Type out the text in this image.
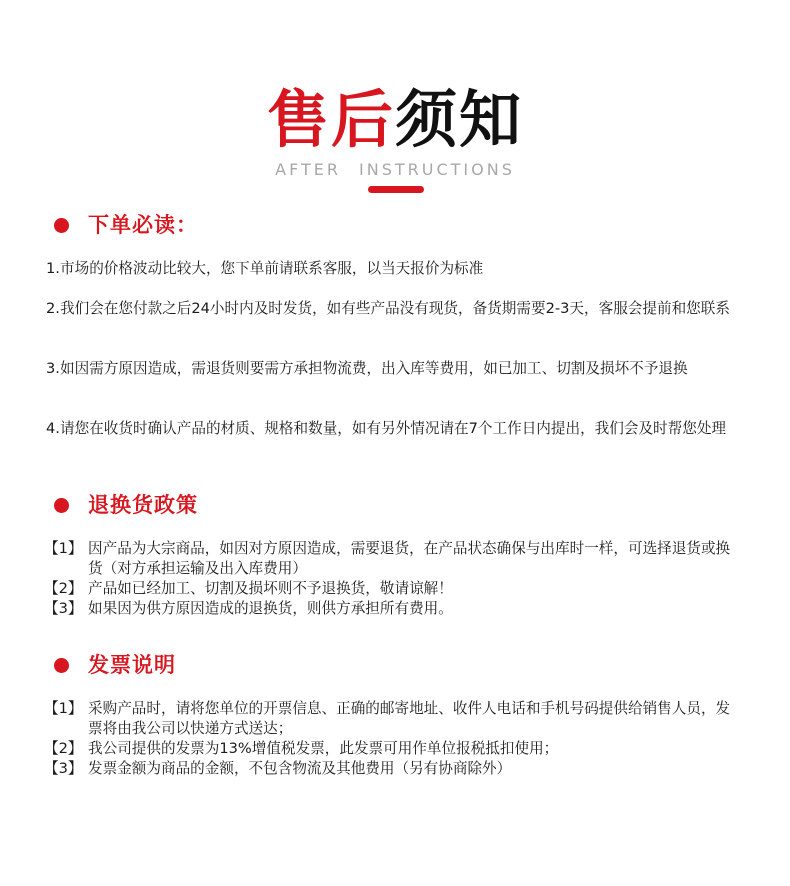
售后须知
AFTER INSTRUCTIONS
下单必读：
1. 市场的价格波动比较大，您下单前请联系客服，以当天报价为标准
2. 我们会在您付款之后24小时内及时发货，如有些产品没有现货，备货期需要2-3天，客服会提前和您联系
3. 如因需方原因造成，需退货则要需方承担物流费，出入库等费用，如已加工、切割及损坏不予退换
4. 请您在收货时确认产品的材质、规格和数量，如有另外情况请在7个工作日内提出，我们会及时帮您处理
退换货政策
【1】 因产品为大宗商品，如因对方原因造成，需要退货，在产品状态确保与出库时一样，可选择退货或换货（对方承担运输及出入库费用）
【2】 产品如已经加工、切割及损坏则不予退换货，敬请谅解！
【3】 如果因为供方原因造成的退换货，则供方承担所有费用。
发票说明
【1】 采购产品时，请将您单位的开票信息、正确的邮寄地址、收件人电话和手机号码提供给销售人员，发票将由我公司以快递方式送达；
【2】 我公司提供的发票为13%增值税发票，此发票可用作单位报税抵扣使用；
【3】 发票金额为商品的金额，不包含物流及其他费用（另有协商除外）
